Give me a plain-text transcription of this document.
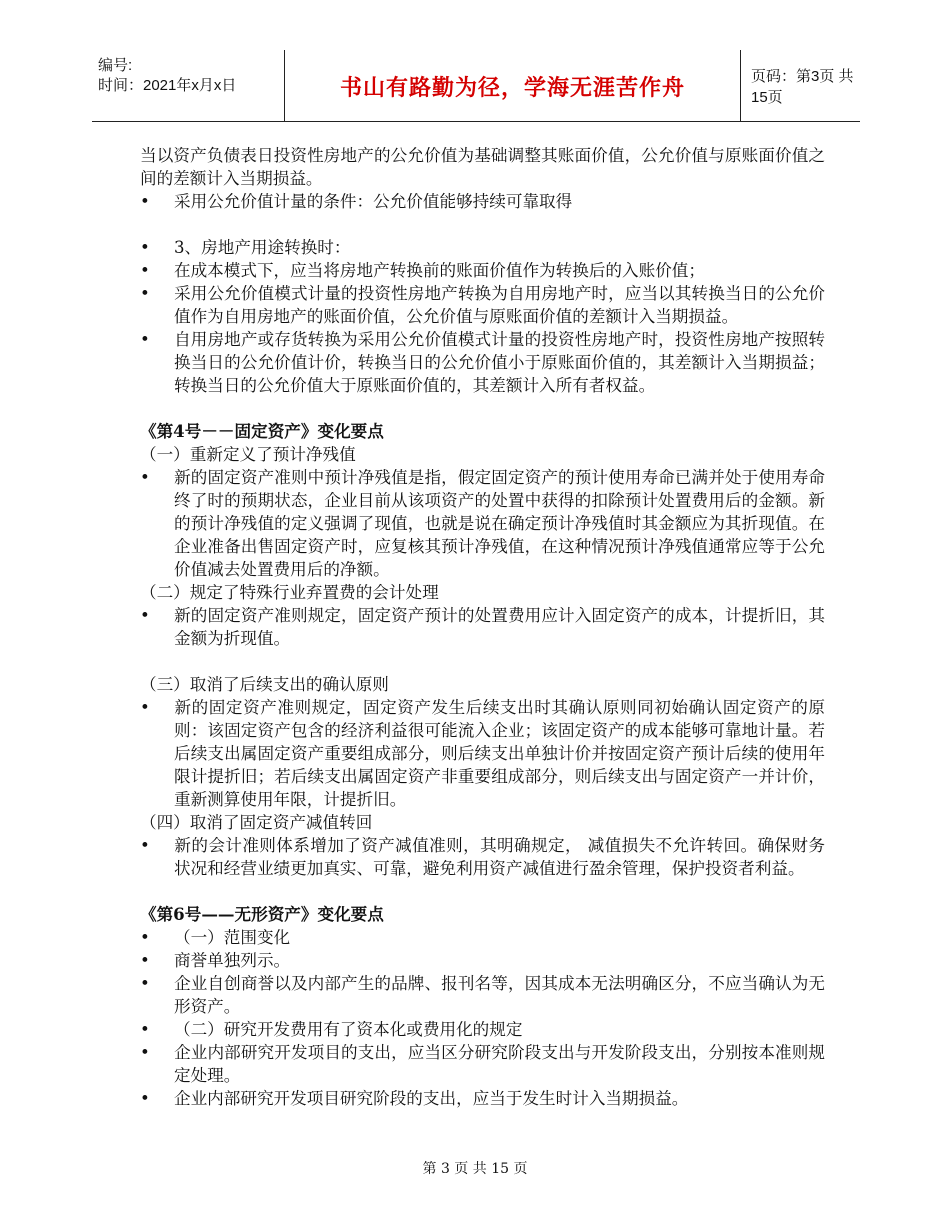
编号:
时间：2021年x月x日	书山有路勤为径，学海无涯苦作舟	页码：第3页 共15页

当以资产负债表日投资性房地产的公允价值为基础调整其账面价值，公允价值与原账面价值之间的差额计入当期损益。

• 采用公允价值计量的条件：公允价值能够持续可靠取得

• 3、房地产用途转换时：

• 在成本模式下，应当将房地产转换前的账面价值作为转换后的入账价值；

• 采用公允价值模式计量的投资性房地产转换为自用房地产时，应当以其转换当日的公允价值作为自用房地产的账面价值，公允价值与原账面价值的差额计入当期损益。

• 自用房地产或存货转换为采用公允价值模式计量的投资性房地产时，投资性房地产按照转换当日的公允价值计价，转换当日的公允价值小于原账面价值的，其差额计入当期损益；转换当日的公允价值大于原账面价值的，其差额计入所有者权益。

《第4号－－固定资产》变化要点

（一）重新定义了预计净残值

• 新的固定资产准则中预计净残值是指，假定固定资产的预计使用寿命已满并处于使用寿命终了时的预期状态，企业目前从该项资产的处置中获得的扣除预计处置费用后的金额。新的预计净残值的定义强调了现值，也就是说在确定预计净残值时其金额应为其折现值。在企业准备出售固定资产时，应复核其预计净残值，在这种情况预计净残值通常应等于公允价值减去处置费用后的净额。

（二）规定了特殊行业弃置费的会计处理

• 新的固定资产准则规定，固定资产预计的处置费用应计入固定资产的成本，计提折旧，其金额为折现值。

（三）取消了后续支出的确认原则

• 新的固定资产准则规定，固定资产发生后续支出时其确认原则同初始确认固定资产的原则：该固定资产包含的经济利益很可能流入企业；该固定资产的成本能够可靠地计量。若后续支出属固定资产重要组成部分，则后续支出单独计价并按固定资产预计后续的使用年限计提折旧；若后续支出属固定资产非重要组成部分，则后续支出与固定资产一并计价，重新测算使用年限，计提折旧。

（四）取消了固定资产减值转回

• 新的会计准则体系增加了资产减值准则，其明确规定， 减值损失不允许转回。确保财务状况和经营业绩更加真实、可靠，避免利用资产减值进行盈余管理，保护投资者利益。

《第6号——无形资产》变化要点

• （一）范围变化

• 商誉单独列示。

• 企业自创商誉以及内部产生的品牌、报刊名等，因其成本无法明确区分，不应当确认为无形资产。

• （二）研究开发费用有了资本化或费用化的规定

• 企业内部研究开发项目的支出，应当区分研究阶段支出与开发阶段支出，分别按本准则规定处理。

• 企业内部研究开发项目研究阶段的支出，应当于发生时计入当期损益。

第 3 页 共 15 页
